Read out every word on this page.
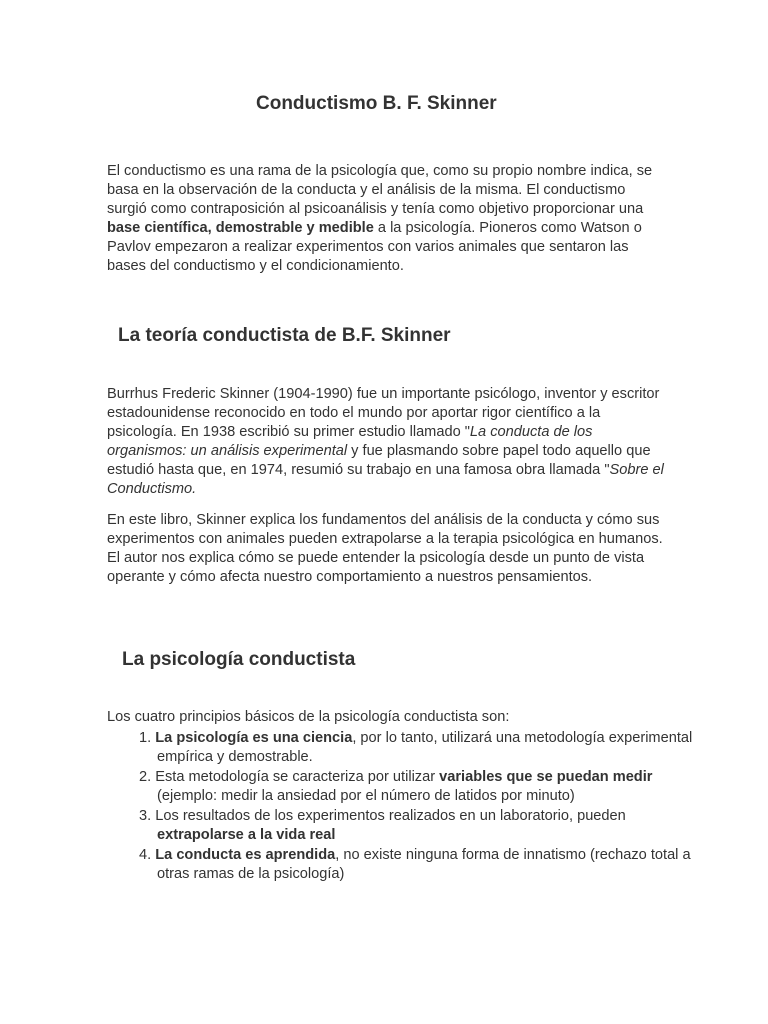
Conductismo B. F. Skinner

El conductismo es una rama de la psicología que, como su propio nombre indica, se basa en la observación de la conducta y el análisis de la misma. El conductismo surgió como contraposición al psicoanálisis y tenía como objetivo proporcionar una base científica, demostrable y medible a la psicología. Pioneros como Watson o Pavlov empezaron a realizar experimentos con varios animales que sentaron las bases del conductismo y el condicionamiento.

La teoría conductista de B.F. Skinner

Burrhus Frederic Skinner (1904-1990) fue un importante psicólogo, inventor y escritor estadounidense reconocido en todo el mundo por aportar rigor científico a la psicología. En 1938 escribió su primer estudio llamado "La conducta de los organismos: un análisis experimental y fue plasmando sobre papel todo aquello que estudió hasta que, en 1974, resumió su trabajo en una famosa obra llamada "Sobre el Conductismo.

En este libro, Skinner explica los fundamentos del análisis de la conducta y cómo sus experimentos con animales pueden extrapolarse a la terapia psicológica en humanos. El autor nos explica cómo se puede entender la psicología desde un punto de vista operante y cómo afecta nuestro comportamiento a nuestros pensamientos.

La psicología conductista

Los cuatro principios básicos de la psicología conductista son:

1. La psicología es una ciencia, por lo tanto, utilizará una metodología experimental empírica y demostrable.
2. Esta metodología se caracteriza por utilizar variables que se puedan medir (ejemplo: medir la ansiedad por el número de latidos por minuto)
3. Los resultados de los experimentos realizados en un laboratorio, pueden extrapolarse a la vida real
4. La conducta es aprendida, no existe ninguna forma de innatismo (rechazo total a otras ramas de la psicología)
